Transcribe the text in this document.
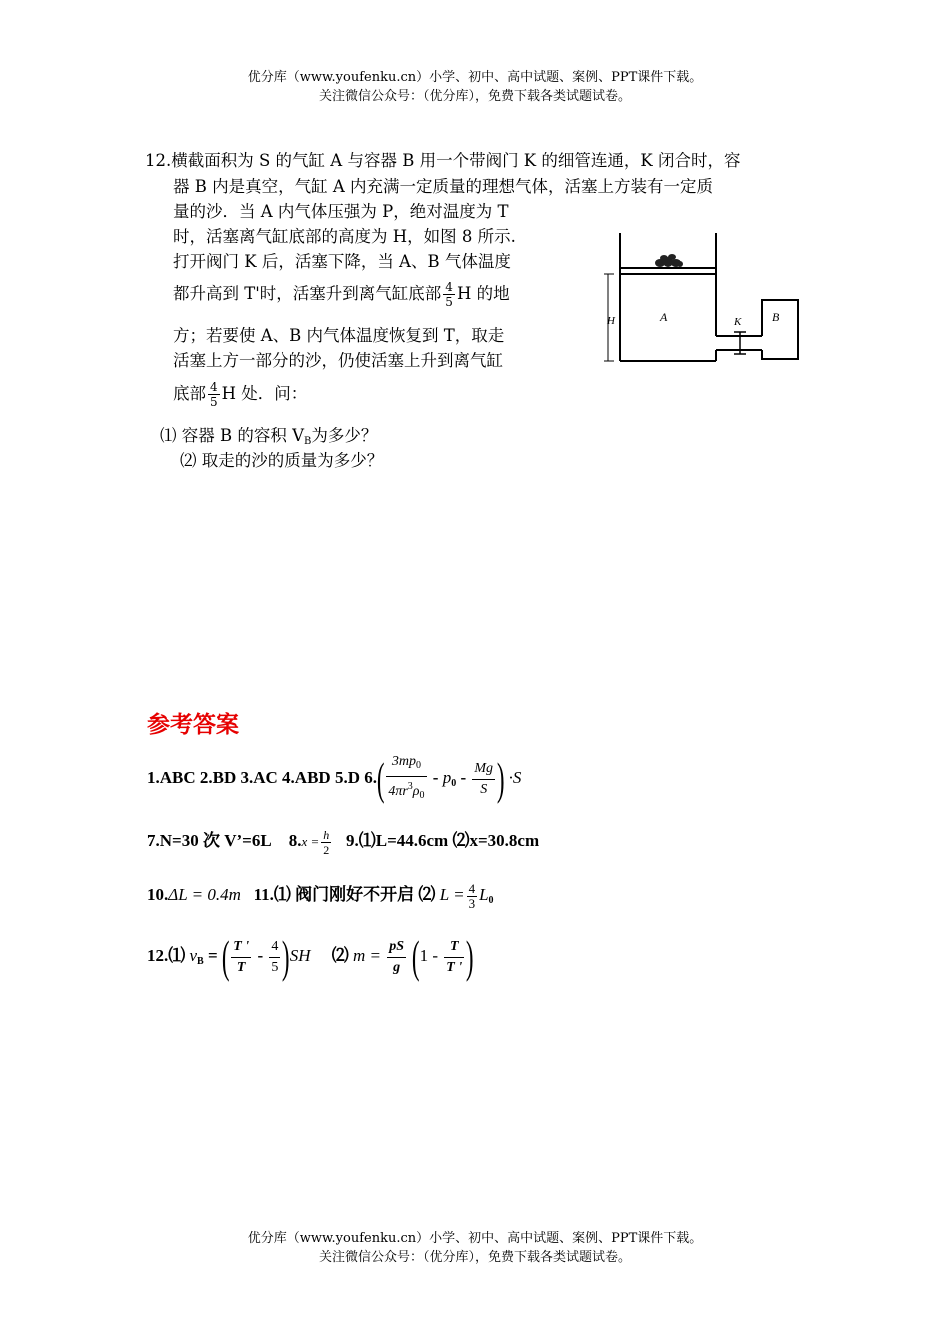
优分库（www.youfenku.cn）小学、初中、高中试题、案例、PPT课件下载。
关注微信公众号：（优分库），免费下载各类试题试卷。
12.横截面积为 S 的气缸 A 与容器 B 用一个带阀门 K 的细管连通，K 闭合时，容
器 B 内是真空，气缸 A 内充满一定质量的理想气体，活塞上方装有一定质
量的沙．当 A 内气体压强为 P，绝对温度为 T
时，活塞离气缸底部的高度为 H，如图 8 所示.
打开阀门 K 后，活塞下降，当 A、B 气体温度
都升高到 T'时，活塞升到离气缸底部 $\frac{4}{5}$ H 的地
方；若要使 A、B 内气体温度恢复到 T，取走
活塞上方一部分的沙，仍使活塞上升到离气缸
底部 $\frac{4}{5}$ H 处．问：
⑴ 容器 B 的容积 $V_B$为多少？
⑵ 取走的沙的质量为多少？
H	A	K	B
参考答案
1.ABC 2.BD 3.AC 4.ABD 5.D $6.( \frac{3mp_0}{4\pi r^3\rho_0} - p_0 - \frac{Mg}{S}$ ) ·S
7.N=30 次 V’=6L $8.x = \frac{h}{2}$ 9.⑴L=44.6cm ⑵x=30.8cm
10.ΔL = 0.4m 11.⑴ 阀门刚好不开启 ⑵ $L = \frac{4}{3} L_0$
12.⑴ $v_B$ = ( $\frac{T '}{T} - \frac{4}{5} )SH$ ⑵ $m = \frac{pS}{g} (1 - \frac{T}{T '}$ )
优分库（www.youfenku.cn）小学、初中、高中试题、案例、PPT课件下载。
关注微信公众号：（优分库），免费下载各类试题试卷。
